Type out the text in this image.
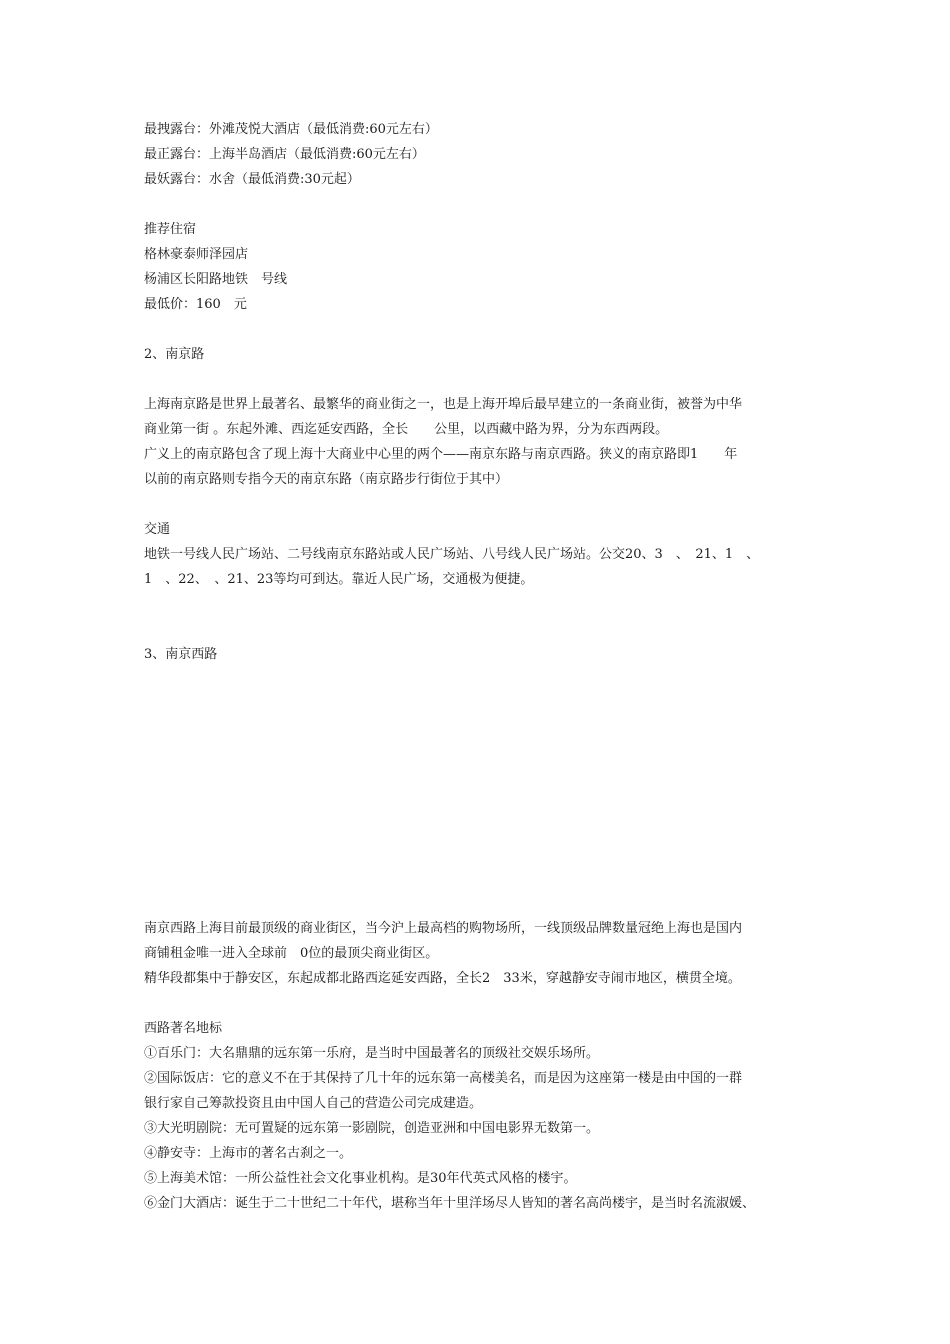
最拽露台：外滩茂悦大酒店（最低消费:60元左右）
最正露台：上海半岛酒店（最低消费:60元左右）
最妖露台：水舍（最低消费:30元起）
推荐住宿
格林豪泰师泽园店
杨浦区长阳路地铁　号线
最低价：160　元
2、南京路
上海南京路是世界上最著名、最繁华的商业街之一，也是上海开埠后最早建立的一条商业街，被誉为中华
商业第一街 。东起外滩、西迄延安西路，全长　　公里，以西藏中路为界，分为东西两段。
广义上的南京路包含了现上海十大商业中心里的两个——南京东路与南京西路。狭义的南京路即1　　年
以前的南京路则专指今天的南京东路（南京路步行街位于其中）
交通
地铁一号线人民广场站、二号线南京东路站或人民广场站、八号线人民广场站。公交20、3　、　21、1　、
1　、22、　、21、23等均可到达。靠近人民广场，交通极为便捷。
3、南京西路
南京西路上海目前最顶级的商业街区，当今沪上最高档的购物场所，一线顶级品牌数量冠绝上海也是国内
商铺租金唯一进入全球前　0位的最顶尖商业街区。
精华段都集中于静安区，东起成都北路西迄延安西路，全长2　33米，穿越静安寺闹市地区，横贯全境。
西路著名地标
①百乐门：大名鼎鼎的远东第一乐府，是当时中国最著名的顶级社交娱乐场所。
②国际饭店：它的意义不在于其保持了几十年的远东第一高楼美名，而是因为这座第一楼是由中国的一群
银行家自己筹款投资且由中国人自己的营造公司完成建造。
③大光明剧院：无可置疑的远东第一影剧院，创造亚洲和中国电影界无数第一。
④静安寺：上海市的著名古刹之一。
⑤上海美术馆：一所公益性社会文化事业机构。是30年代英式风格的楼宇。
⑥金门大酒店：诞生于二十世纪二十年代，堪称当年十里洋场尽人皆知的著名高尚楼宇，是当时名流淑媛、
